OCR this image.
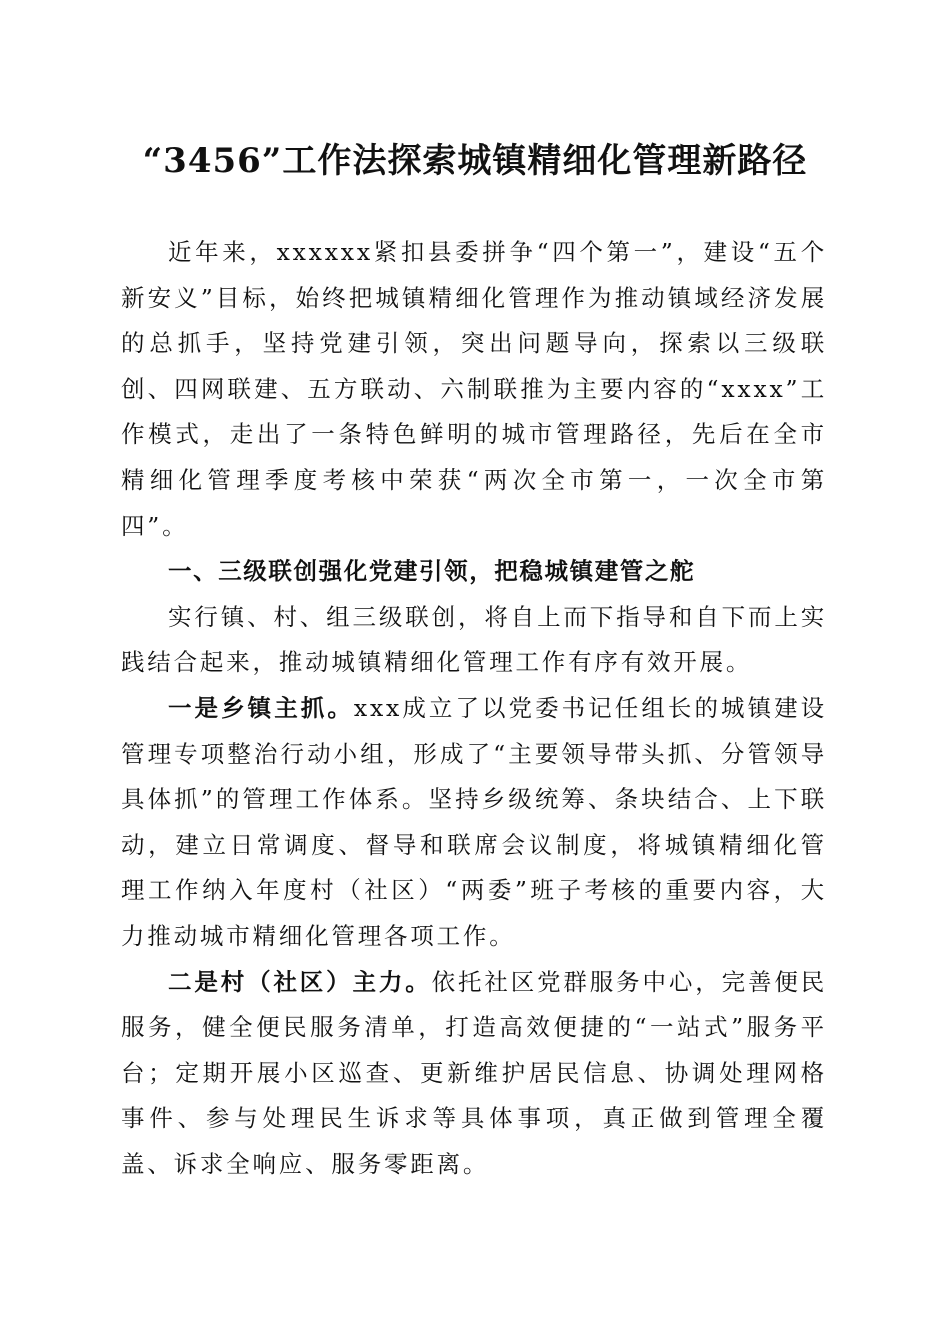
“3456”工作法探索城镇精细化管理新路径

近年来，xxxxxx紧扣县委拼争“四个第一”，建设“五个新安义”目标，始终把城镇精细化管理作为推动镇域经济发展的总抓手，坚持党建引领，突出问题导向，探索以三级联创、四网联建、五方联动、六制联推为主要内容的“xxxx”工作模式，走出了一条特色鲜明的城市管理路径，先后在全市精细化管理季度考核中荣获“两次全市第一，一次全市第四”。

一、三级联创强化党建引领，把稳城镇建管之舵

实行镇、村、组三级联创，将自上而下指导和自下而上实践结合起来，推动城镇精细化管理工作有序有效开展。

一是乡镇主抓。xxx成立了以党委书记任组长的城镇建设管理专项整治行动小组，形成了“主要领导带头抓、分管领导具体抓”的管理工作体系。坚持乡级统筹、条块结合、上下联动，建立日常调度、督导和联席会议制度，将城镇精细化管理工作纳入年度村（社区）“两委”班子考核的重要内容，大力推动城市精细化管理各项工作。

二是村（社区）主力。依托社区党群服务中心，完善便民服务，健全便民服务清单，打造高效便捷的“一站式”服务平台；定期开展小区巡查、更新维护居民信息、协调处理网格事件、参与处理民生诉求等具体事项，真正做到管理全覆盖、诉求全响应、服务零距离。
